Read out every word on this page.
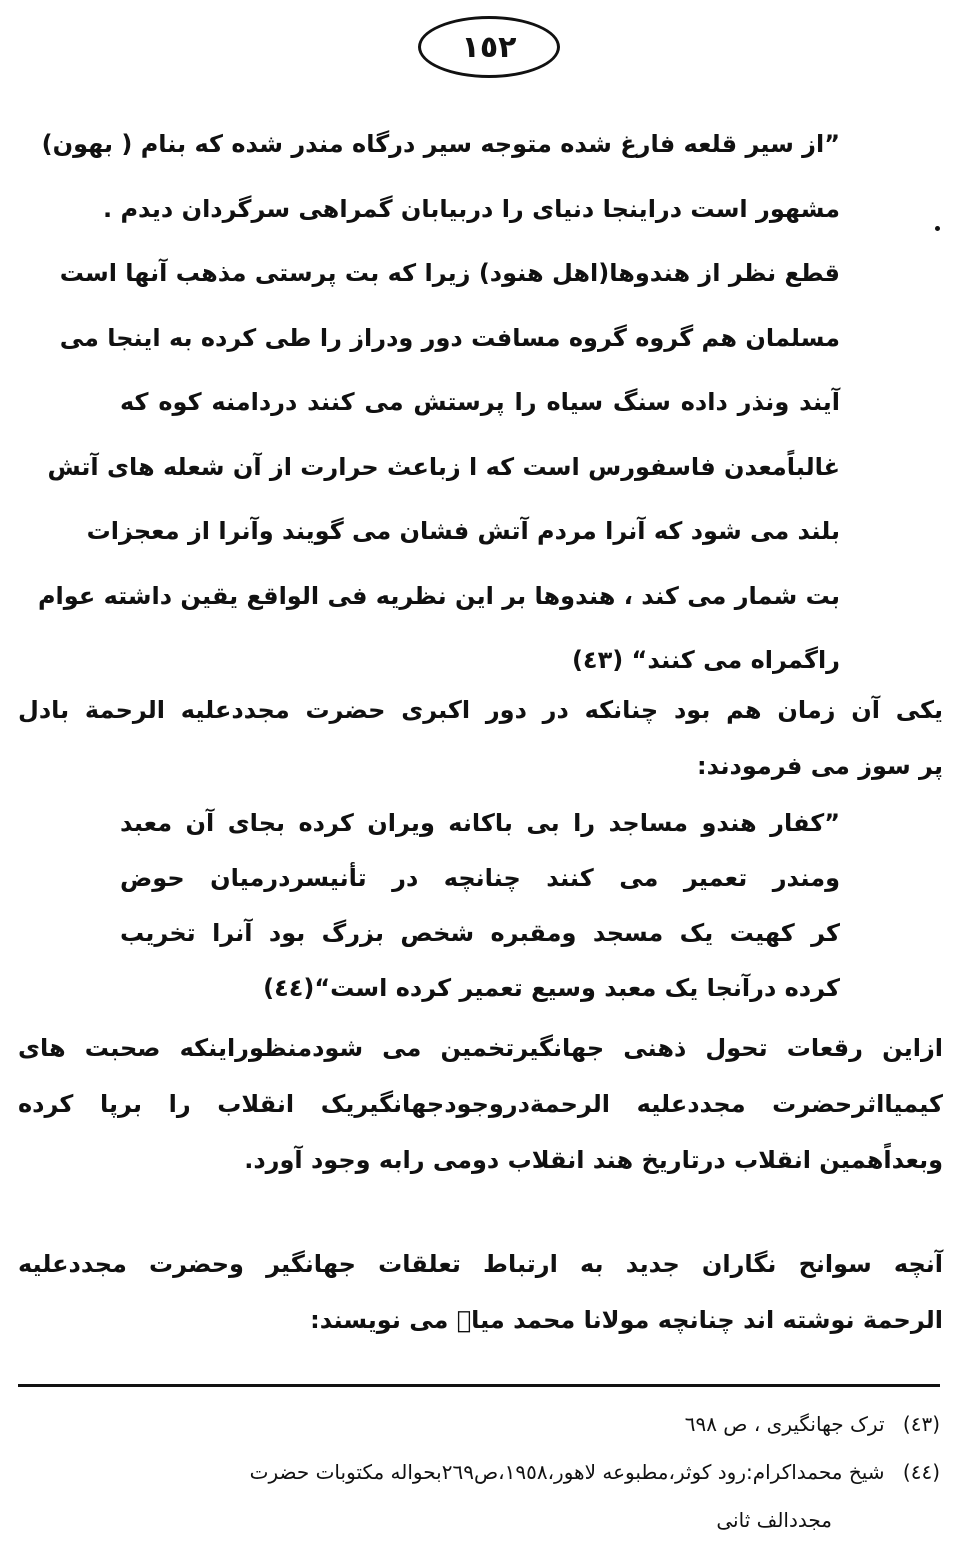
١٥٢
”از سیر قلعه فارغ شده متوجه سیر درگاه مندر شده که بنام ( بهون)
مشهور است دراینجا دنیای را دربیابان گمراهی سرگردان دیدم .
قطع نظر از هندوها(اهل هنود) زیرا که بت پرستی مذهب آنها است
مسلمان هم گروه گروه مسافت دور ودراز را طی کرده به اینجا می
آیند ونذر داده سنگ سیاه را پرستش می کنند دردامنه کوه که
غالباًمعدن فاسفورس است که ا زباعث حرارت از آن شعله های آتش
بلند می شود که آنرا مردم آتش فشان می گویند وآنرا از معجزات
بت شمار می کند ، هندوها بر این نظریه فی الواقع یقین داشته عوام
راگمراه می کنند“ (٤٣)
یکی آن زمان هم بود چنانکه در دور اکبری حضرت مجددعلیه الرحمة بادل
پر سوز می فرمودند:
”کفار هندو مساجد را بی باکانه ویران کرده بجای آن معبد
ومندر تعمیر می کنند چنانچه در تأنیسردرمیان حوض
کر کهیت یک مسجد ومقبره شخص بزرگ بود آنرا تخریب
کرده درآنجا یک معبد وسیع تعمیر کرده است“(٤٤)
ازاین رقعات تحول ذهنی جهانگیرتخمین می شودمنظوراینکه صحبت های
کیمیااثرحضرت مجددعلیه الرحمةدروجودجهانگیریک انقلاب را برپا کرده
وبعداًهمین انقلاب درتاریخ هند انقلاب دومی رابه وجود آورد.
آنچه سوانح نگاران جدید به ارتباط تعلقات جهانگیر وحضرت مجددعلیه
الرحمة نوشته اند چنانچه مولانا محمد میاؑ می نویسند:
(٤٣) ترک جهانگیری ، ص ٦٩٨
(٤٤) شیخ محمداکرام:رود کوثر،مطبوعه لاهور،١٩٥٨،ص٢٦٩بحواله مکتوبات حضرت
مجددالف ثانی
